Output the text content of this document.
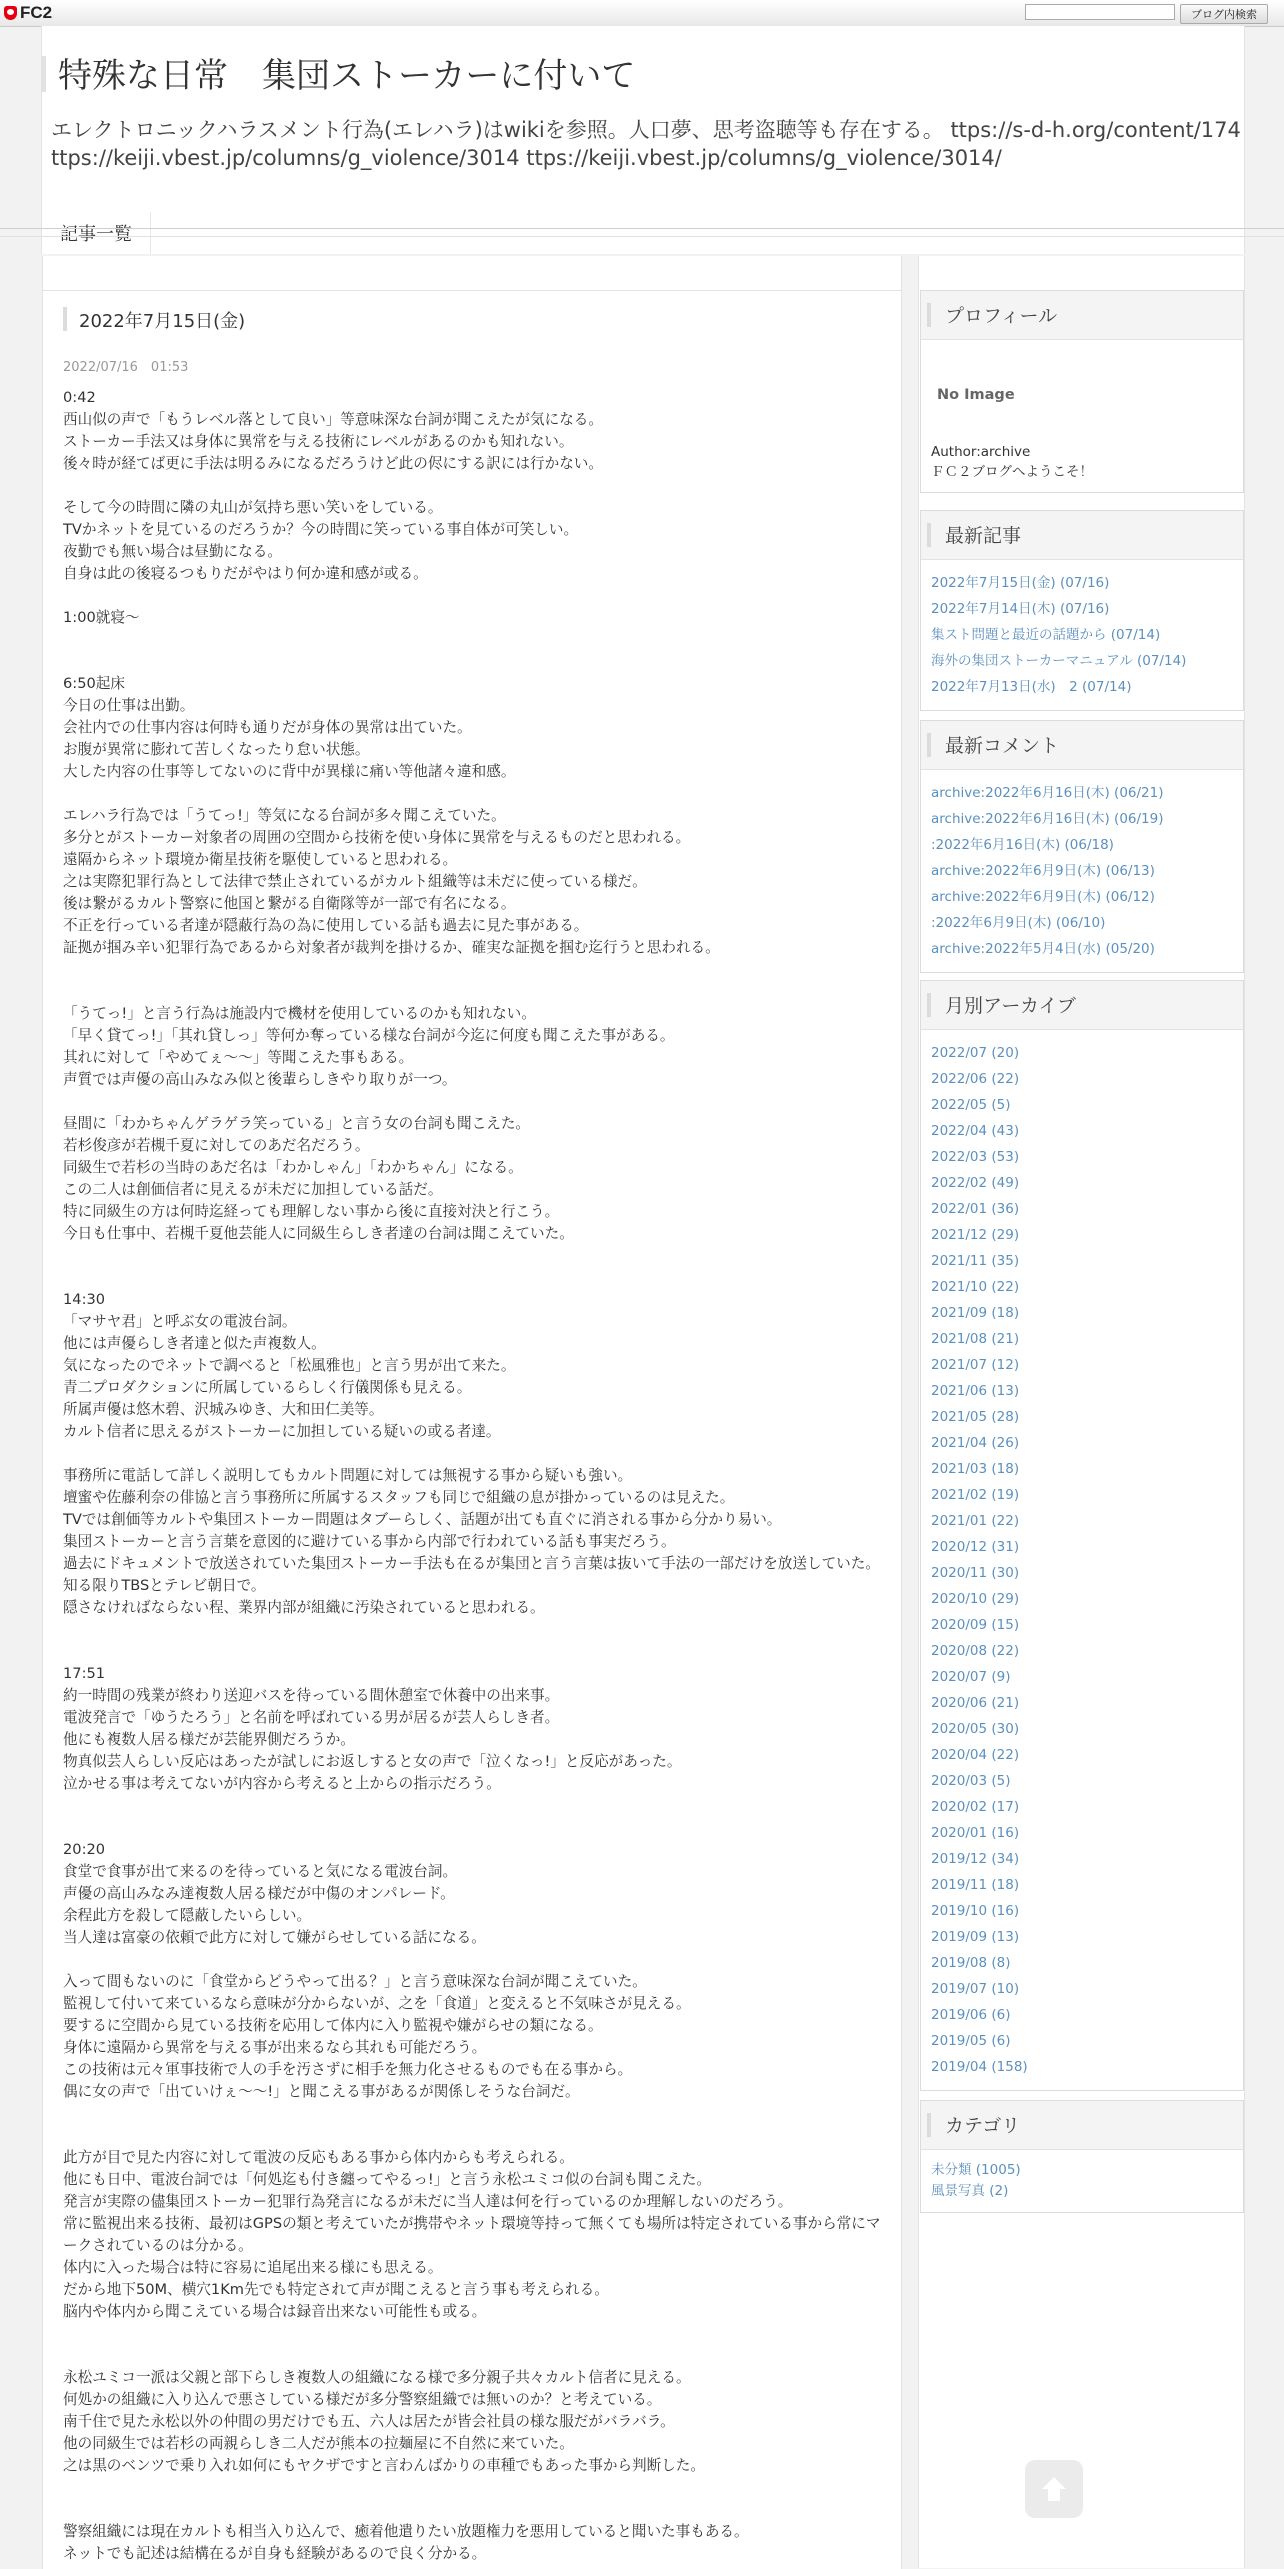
FC2	ブログ内検索
特殊な日常　集団ストーカーに付いて
エレクトロニックハラスメント行為(エレハラ)はwikiを参照。人口夢、思考盗聴等も存在する。 ttps://s-d-h.org/content/174
ttps://keiji.vbest.jp/columns/g_violence/3014 ttps://keiji.vbest.jp/columns/g_violence/3014/
記事一覧
2022年7月15日(金)
2022/07/16　01:53
0:42
西山似の声で「もうレベル落として良い」等意味深な台詞が聞こえたが気になる。
ストーカー手法又は身体に異常を与える技術にレベルがあるのかも知れない。
後々時が経てば更に手法は明るみになるだろうけど此の侭にする訳には行かない。

そして今の時間に隣の丸山が気持ち悪い笑いをしている。
TVかネットを見ているのだろうか？今の時間に笑っている事自体が可笑しい。
夜勤でも無い場合は昼勤になる。
自身は此の後寝るつもりだがやはり何か違和感が或る。

1:00就寝～

6:50起床
今日の仕事は出勤。
会社内での仕事内容は何時も通りだが身体の異常は出ていた。
お腹が異常に膨れて苦しくなったり怠い状態。
大した内容の仕事等してないのに背中が異様に痛い等他諸々違和感。

エレハラ行為では「うてっ!」等気になる台詞が多々聞こえていた。
多分とがストーカー対象者の周囲の空間から技術を使い身体に異常を与えるものだと思われる。
遠隔からネット環境か衛星技術を駆使していると思われる。
之は実際犯罪行為として法律で禁止されているがカルト組織等は未だに使っている様だ。
後は繋がるカルト警察に他国と繋がる自衛隊等が一部で有名になる。
不正を行っている者達が隠蔽行為の為に使用している話も過去に見た事がある。
証拠が掴み辛い犯罪行為であるから対象者が裁判を掛けるか、確実な証拠を掴む迄行うと思われる。

「うてっ!」と言う行為は施設内で機材を使用しているのかも知れない。
「早く貸てっ!」「其れ貸しっ」等何か奪っている様な台詞が今迄に何度も聞こえた事がある。
其れに対して「やめてぇ～～」等聞こえた事もある。
声質では声優の高山みなみ似と後輩らしきやり取りが一つ。

昼間に「わかちゃんゲラゲラ笑っている」と言う女の台詞も聞こえた。
若杉俊彦が若槻千夏に対してのあだ名だろう。
同級生で若杉の当時のあだ名は「わかしゃん」「わかちゃん」になる。
この二人は創価信者に見えるが未だに加担している話だ。
特に同級生の方は何時迄経っても理解しない事から後に直接対決と行こう。
今日も仕事中、若槻千夏他芸能人に同級生らしき者達の台詞は聞こえていた。

14:30
「マサヤ君」と呼ぶ女の電波台詞。
他には声優らしき者達と似た声複数人。
気になったのでネットで調べると「松風雅也」と言う男が出て来た。
青二プロダクションに所属しているらしく行儀関係も見える。
所属声優は悠木碧、沢城みゆき、大和田仁美等。
カルト信者に思えるがストーカーに加担している疑いの或る者達。

事務所に電話して詳しく説明してもカルト問題に対しては無視する事から疑いも強い。
壇蜜や佐藤利奈の俳協と言う事務所に所属するスタッフも同じで組織の息が掛かっているのは見えた。
TVでは創価等カルトや集団ストーカー問題はタブーらしく、話題が出ても直ぐに消される事から分かり易い。
集団ストーカーと言う言葉を意図的に避けている事から内部で行われている話も事実だろう。
過去にドキュメントで放送されていた集団ストーカー手法も在るが集団と言う言葉は抜いて手法の一部だけを放送していた。知る限りTBSとテレビ朝日で。
隠さなければならない程、業界内部が組織に汚染されていると思われる。

17:51
約一時間の残業が終わり送迎バスを待っている間休憩室で休養中の出来事。
電波発言で「ゆうたろう」と名前を呼ばれている男が居るが芸人らしき者。
他にも複数人居る様だが芸能界側だろうか。
物真似芸人らしい反応はあったが試しにお返しすると女の声で「泣くなっ!」と反応があった。
泣かせる事は考えてないが内容から考えると上からの指示だろう。

20:20
食堂で食事が出て来るのを待っていると気になる電波台詞。
声優の高山みなみ達複数人居る様だが中傷のオンパレード。
余程此方を殺して隠蔽したいらしい。
当人達は富豪の依頼で此方に対して嫌がらせしている話になる。

入って間もないのに「食堂からどうやって出る？」と言う意味深な台詞が聞こえていた。
監視して付いて来ているなら意味が分からないが、之を「食道」と変えると不気味さが見える。
要するに空間から見ている技術を応用して体内に入り監視や嫌がらせの類になる。
身体に遠隔から異常を与える事が出来るなら其れも可能だろう。
この技術は元々軍事技術で人の手を汚さずに相手を無力化させるものでも在る事から。
偶に女の声で「出ていけぇ～～!」と聞こえる事があるが関係しそうな台詞だ。

此方が目で見た内容に対して電波の反応もある事から体内からも考えられる。
他にも日中、電波台詞では「何処迄も付き纏ってやるっ!」と言う永松ユミコ似の台詞も聞こえた。
発言が実際の儘集団ストーカー犯罪行為発言になるが未だに当人達は何を行っているのか理解しないのだろう。
常に監視出来る技術、最初はGPSの類と考えていたが携帯やネット環境等持って無くても場所は特定されている事から常にマークされているのは分かる。
体内に入った場合は特に容易に追尾出来る様にも思える。
だから地下50M、横穴1Km先でも特定されて声が聞こえると言う事も考えられる。
脳内や体内から聞こえている場合は録音出来ない可能性も或る。

永松ユミコ一派は父親と部下らしき複数人の組織になる様で多分親子共々カルト信者に見える。
何処かの組織に入り込んで悪さしている様だが多分警察組織では無いのか？と考えている。
南千住で見た永松以外の仲間の男だけでも五、六人は居たが皆会社員の様な服だがバラバラ。
他の同級生では若杉の両親らしき二人だが熊本の拉麺屋に不自然に来ていた。
之は黒のベンツで乗り入れ如何にもヤクザですと言わんばかりの車種でもあった事から判断した。

警察組織には現在カルトも相当入り込んで、癒着他遣りたい放題権力を悪用していると聞いた事もある。
ネットでも記述は結構在るが自身も経験があるので良く分かる。
プロフィール
No Image
Author:archive
ＦＣ２ブログへようこそ！
最新記事
2022年7月15日(金) (07/16)
2022年7月14日(木) (07/16)
集スト問題と最近の話題から (07/14)
海外の集団ストーカーマニュアル (07/14)
2022年7月13日(水)　2 (07/14)
最新コメント
archive:2022年6月16日(木) (06/21)
archive:2022年6月16日(木) (06/19)
:2022年6月16日(木) (06/18)
archive:2022年6月9日(木) (06/13)
archive:2022年6月9日(木) (06/12)
:2022年6月9日(木) (06/10)
archive:2022年5月4日(水) (05/20)
月別アーカイブ
2022/07 (20)
2022/06 (22)
2022/05 (5)
2022/04 (43)
2022/03 (53)
2022/02 (49)
2022/01 (36)
2021/12 (29)
2021/11 (35)
2021/10 (22)
2021/09 (18)
2021/08 (21)
2021/07 (12)
2021/06 (13)
2021/05 (28)
2021/04 (26)
2021/03 (18)
2021/02 (19)
2021/01 (22)
2020/12 (31)
2020/11 (30)
2020/10 (29)
2020/09 (15)
2020/08 (22)
2020/07 (9)
2020/06 (21)
2020/05 (30)
2020/04 (22)
2020/03 (5)
2020/02 (17)
2020/01 (16)
2019/12 (34)
2019/11 (18)
2019/10 (16)
2019/09 (13)
2019/08 (8)
2019/07 (10)
2019/06 (6)
2019/05 (6)
2019/04 (158)
カテゴリ
未分類 (1005)
風景写真 (2)
